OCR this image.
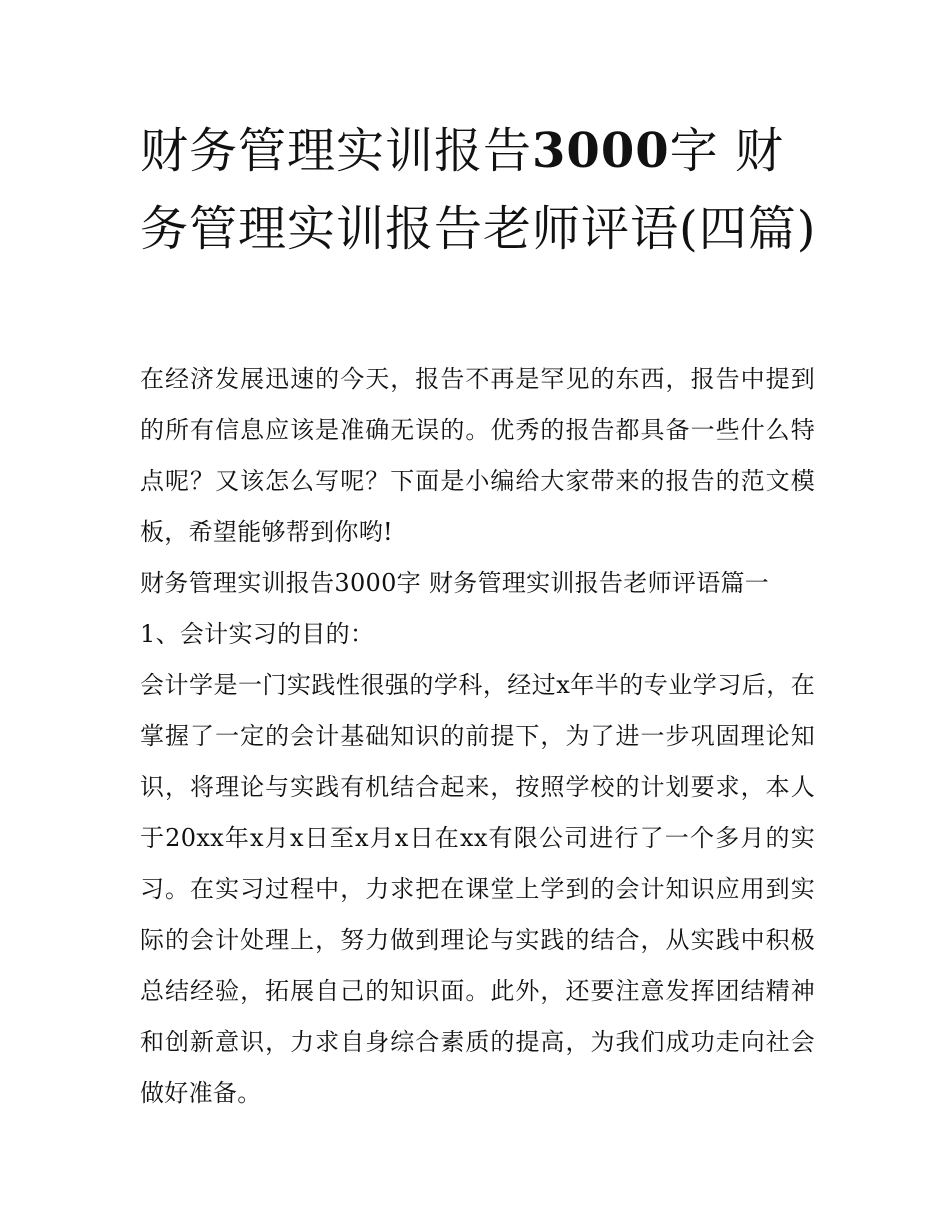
财务管理实训报告3000字 财务管理实训报告老师评语(四篇)

在经济发展迅速的今天，报告不再是罕见的东西，报告中提到的所有信息应该是准确无误的。优秀的报告都具备一些什么特点呢？又该怎么写呢？下面是小编给大家带来的报告的范文模板，希望能够帮到你哟!

财务管理实训报告3000字 财务管理实训报告老师评语篇一

1、会计实习的目的：

会计学是一门实践性很强的学科，经过x年半的专业学习后，在掌握了一定的会计基础知识的前提下，为了进一步巩固理论知识，将理论与实践有机结合起来，按照学校的计划要求，本人于20xx年x月x日至x月x日在xx有限公司进行了一个多月的实习。在实习过程中，力求把在课堂上学到的会计知识应用到实际的会计处理上，努力做到理论与实践的结合，从实践中积极总结经验，拓展自己的知识面。此外，还要注意发挥团结精神和创新意识，力求自身综合素质的提高，为我们成功走向社会做好准备。
